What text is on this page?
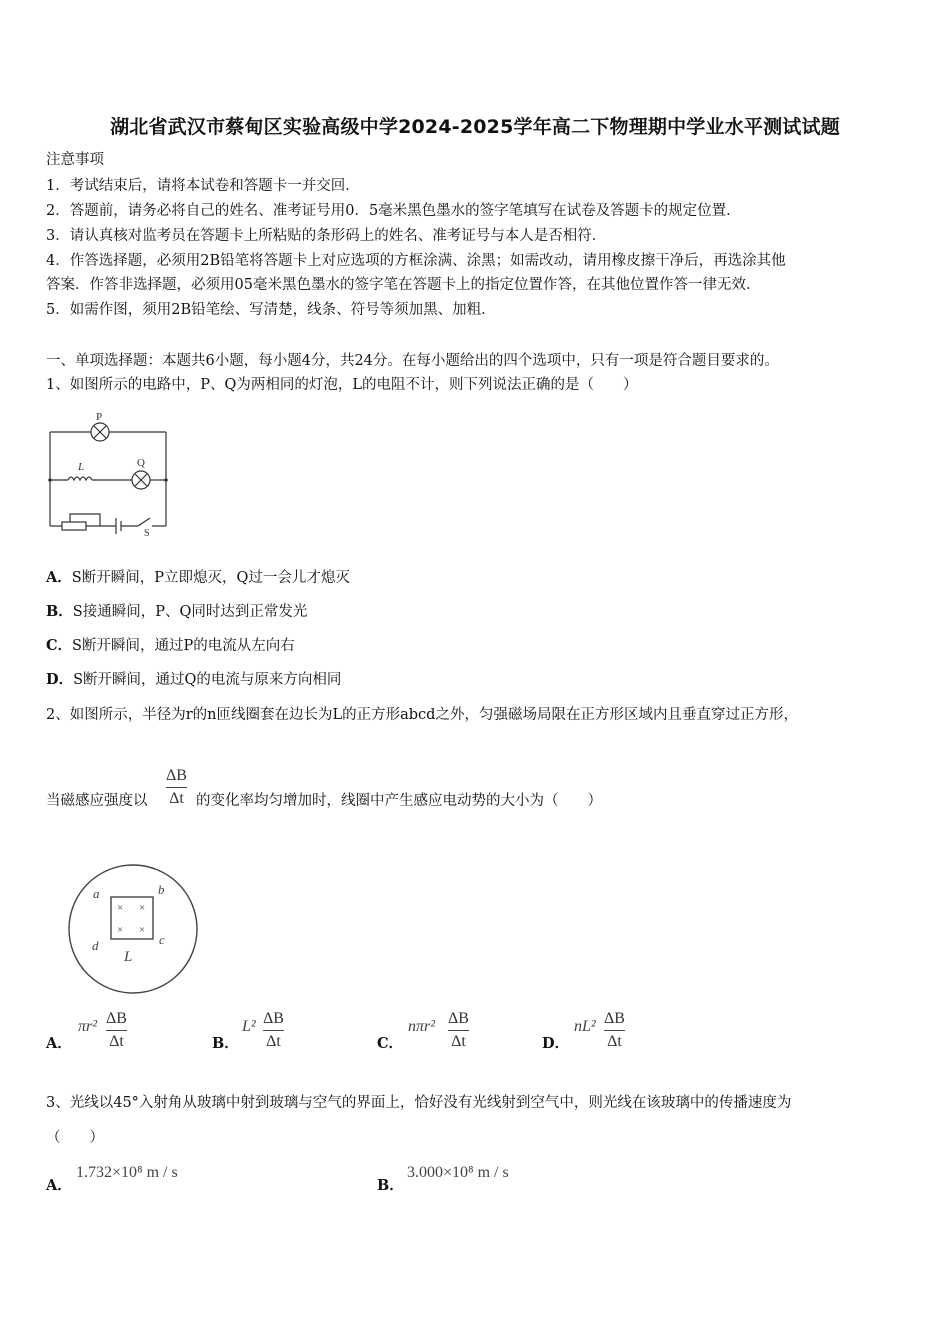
湖北省武汉市蔡甸区实验高级中学2024-2025学年高二下物理期中学业水平测试试题
注意事项
1．考试结束后，请将本试卷和答题卡一并交回．
2．答题前，请务必将自己的姓名、准考证号用0．5毫米黑色墨水的签字笔填写在试卷及答题卡的规定位置．
3．请认真核对监考员在答题卡上所粘贴的条形码上的姓名、准考证号与本人是否相符．
4．作答选择题，必须用2B铅笔将答题卡上对应选项的方框涂满、涂黑；如需改动，请用橡皮擦干净后，再选涂其他
答案．作答非选择题，必须用05毫米黑色墨水的签字笔在答题卡上的指定位置作答，在其他位置作答一律无效．
5．如需作图，须用2B铅笔绘、写清楚，线条、符号等须加黑、加粗．
一、单项选择题：本题共6小题，每小题4分，共24分。在每小题给出的四个选项中，只有一项是符合题目要求的。
1、如图所示的电路中，P、Q为两相同的灯泡，L的电阻不计，则下列说法正确的是（　　）
P
L	Q
S
A．S断开瞬间，P立即熄灭，Q过一会儿才熄灭
B．S接通瞬间，P、Q同时达到正常发光
C．S断开瞬间，通过P的电流从左向右
D．S断开瞬间，通过Q的电流与原来方向相同
2、如图所示，半径为r的n匝线圈套在边长为L的正方形abcd之外，匀强磁场局限在正方形区域内且垂直穿过正方形，
当磁感应强度以
ΔB
Δt 的变化率均匀增加时，线圈中产生感应电动势的大小为（　　）
× ×
× ×
a	b
c
d
L
A．
πr² ΔB
Δt	B．
L² ΔB
Δt	C．
nπr² ΔB
Δt	D．
nL² ΔB
Δt
3、光线以45°入射角从玻璃中射到玻璃与空气的界面上，恰好没有光线射到空气中，则光线在该玻璃中的传播速度为
（　　）
A．
1.732×10⁸ m / s
B．
3.000×10⁸ m / s
